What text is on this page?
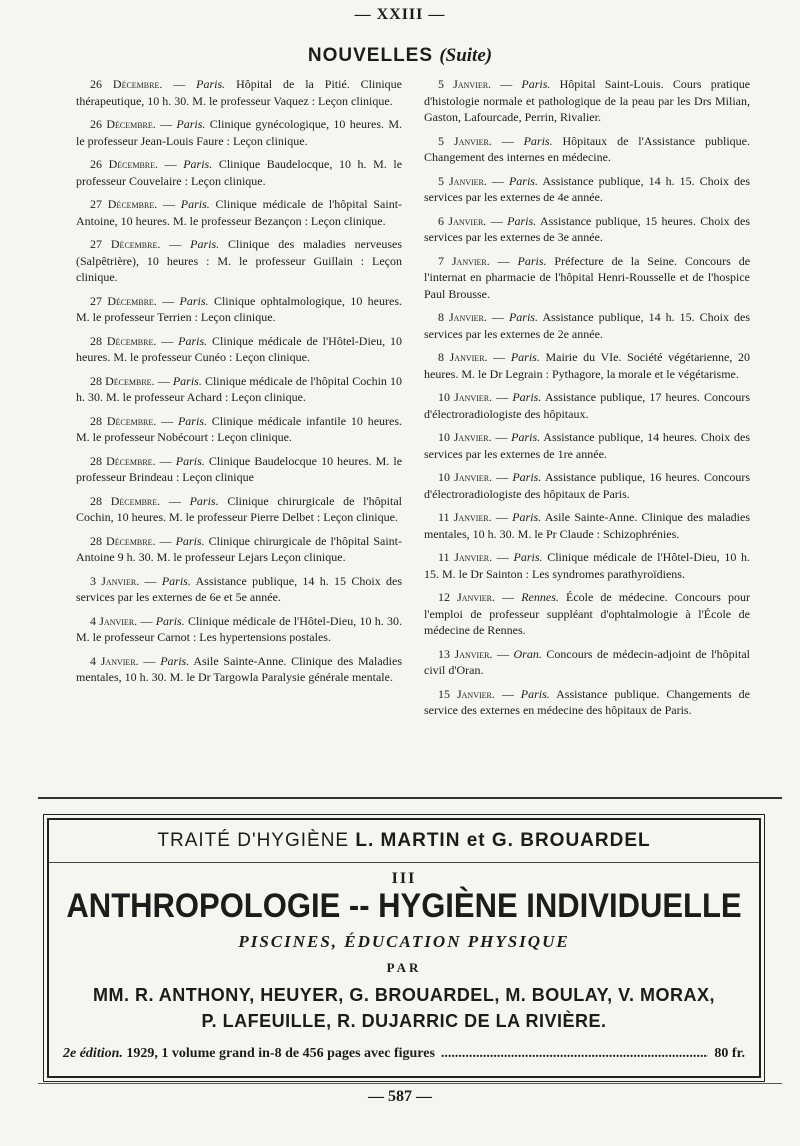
— XXIII —
NOUVELLES (Suite)

26 Décembre. — Paris. Hôpital de la Pitié. Clinique thérapeutique, 10 h. 30. M. le professeur Vaquez : Leçon clinique.

26 Décembre. — Paris. Clinique gynécologique, 10 heures. M. le professeur Jean-Louis Faure : Leçon clinique.

26 Décembre. — Paris. Clinique Baudelocque, 10 h. M. le professeur Couvelaire : Leçon clinique.

27 Décembre. — Paris. Clinique médicale de l'hôpital Saint-Antoine, 10 heures. M. le professeur Bezançon : Leçon clinique.

27 Décembre. — Paris. Clinique des maladies nerveuses (Salpêtrière), 10 heures : M. le professeur Guillain : Leçon clinique.

27 Décembre. — Paris. Clinique ophtalmologique, 10 heures. M. le professeur Terrien : Leçon clinique.

28 Décembre. — Paris. Clinique médicale de l'Hôtel-Dieu, 10 heures. M. le professeur Cunéo : Leçon clinique.

28 Décembre. — Paris. Clinique médicale de l'hôpital Cochin 10 h. 30. M. le professeur Achard : Leçon clinique.

28 Décembre. — Paris. Clinique médicale infantile 10 heures. M. le professeur Nobécourt : Leçon clinique.

28 Décembre. — Paris. Clinique Baudelocque 10 heures. M. le professeur Brindeau : Leçon clinique

28 Décembre. — Paris. Clinique chirurgicale de l'hôpital Cochin, 10 heures. M. le professeur Pierre Delbet : Leçon clinique.

28 Décembre. — Paris. Clinique chirurgicale de l'hôpital Saint-Antoine 9 h. 30. M. le professeur Lejars Leçon clinique.

3 Janvier. — Paris. Assistance publique, 14 h. 15 Choix des services par les externes de 6e et 5e année.

4 Janvier. — Paris. Clinique médicale de l'Hôtel-Dieu, 10 h. 30. M. le professeur Carnot : Les hypertensions postales.

4 Janvier. — Paris. Asile Sainte-Anne. Clinique des Maladies mentales, 10 h. 30. M. le Dr Targowla Paralysie générale mentale.

5 Janvier. — Paris. Hôpital Saint-Louis. Cours pratique d'histologie normale et pathologique de la peau par les Drs Milian, Gaston, Lafourcade, Perrin, Rivalier.

5 Janvier. — Paris. Hôpitaux de l'Assistance publique. Changement des internes en médecine.

5 Janvier. — Paris. Assistance publique, 14 h. 15. Choix des services par les externes de 4e année.

6 Janvier. — Paris. Assistance publique, 15 heures. Choix des services par les externes de 3e année.

7 Janvier. — Paris. Préfecture de la Seine. Concours de l'internat en pharmacie de l'hôpital Henri-Rousselle et de l'hospice Paul Brousse.

8 Janvier. — Paris. Assistance publique, 14 h. 15. Choix des services par les externes de 2e année.

8 Janvier. — Paris. Mairie du VIe. Société végétarienne, 20 heures. M. le Dr Legrain : Pythagore, la morale et le végétarisme.

10 Janvier. — Paris. Assistance publique, 17 heures. Concours d'électroradiologiste des hôpitaux.

10 Janvier. — Paris. Assistance publique, 14 heures. Choix des services par les externes de 1re année.

10 Janvier. — Paris. Assistance publique, 16 heures. Concours d'électroradiologiste des hôpitaux de Paris.

11 Janvier. — Paris. Asile Sainte-Anne. Clinique des maladies mentales, 10 h. 30. M. le Pr Claude : Schizophrénies.

11 Janvier. — Paris. Clinique médicale de l'Hôtel-Dieu, 10 h. 15. M. le Dr Sainton : Les syndromes parathyroïdiens.

12 Janvier. — Rennes. École de médecine. Concours pour l'emploi de professeur suppléant d'ophtalmologie à l'École de médecine de Rennes.

13 Janvier. — Oran. Concours de médecin-adjoint de l'hôpital civil d'Oran.

15 Janvier. — Paris. Assistance publique. Changements de service des externes en médecine des hôpitaux de Paris.

TRAITÉ D'HYGIÈNE L. MARTIN et G. BROUARDEL
III
ANTHROPOLOGIE -- HYGIÈNE INDIVIDUELLE
PISCINES, ÉDUCATION PHYSIQUE
PAR
MM. R. ANTHONY, HEUYER, G. BROUARDEL, M. BOULAY, V. MORAX,
P. LAFEUILLE, R. DUJARRIC DE LA RIVIÈRE.
2e édition.
1929, 1 volume grand in-8 de 456 pages avec figures
.....	80 fr.
— 587 —
